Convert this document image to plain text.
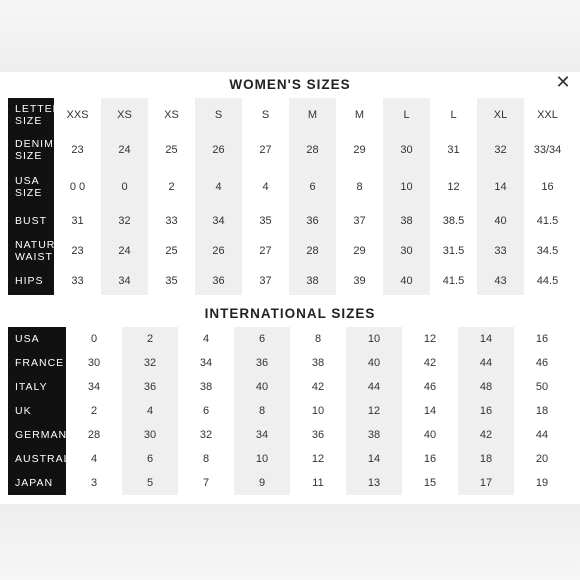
WOMEN'S SIZES	✕
LETTER SIZE	XXS	XS	XS	S	S	M	M	L	L	XL	XXL
DENIM SIZE	23	24	25	26	27	28	29	30	31	32	33/34
USA SIZE	0 0	0	2	4	4	6	8	10	12	14	16
BUST	31	32	33	34	35	36	37	38	38.5	40	41.5
NATURAL WAIST	23	24	25	26	27	28	29	30	31.5	33	34.5
HIPS	33	34	35	36	37	38	39	40	41.5	43	44.5
INTERNATIONAL SIZES
USA	0	2	4	6	8	10	12	14	16
FRANCE	30	32	34	36	38	40	42	44	46
ITALY	34	36	38	40	42	44	46	48	50
UK	2	4	6	8	10	12	14	16	18
GERMANY	28	30	32	34	36	38	40	42	44
AUSTRALIA	4	6	8	10	12	14	16	18	20
JAPAN	3	5	7	9	11	13	15	17	19
